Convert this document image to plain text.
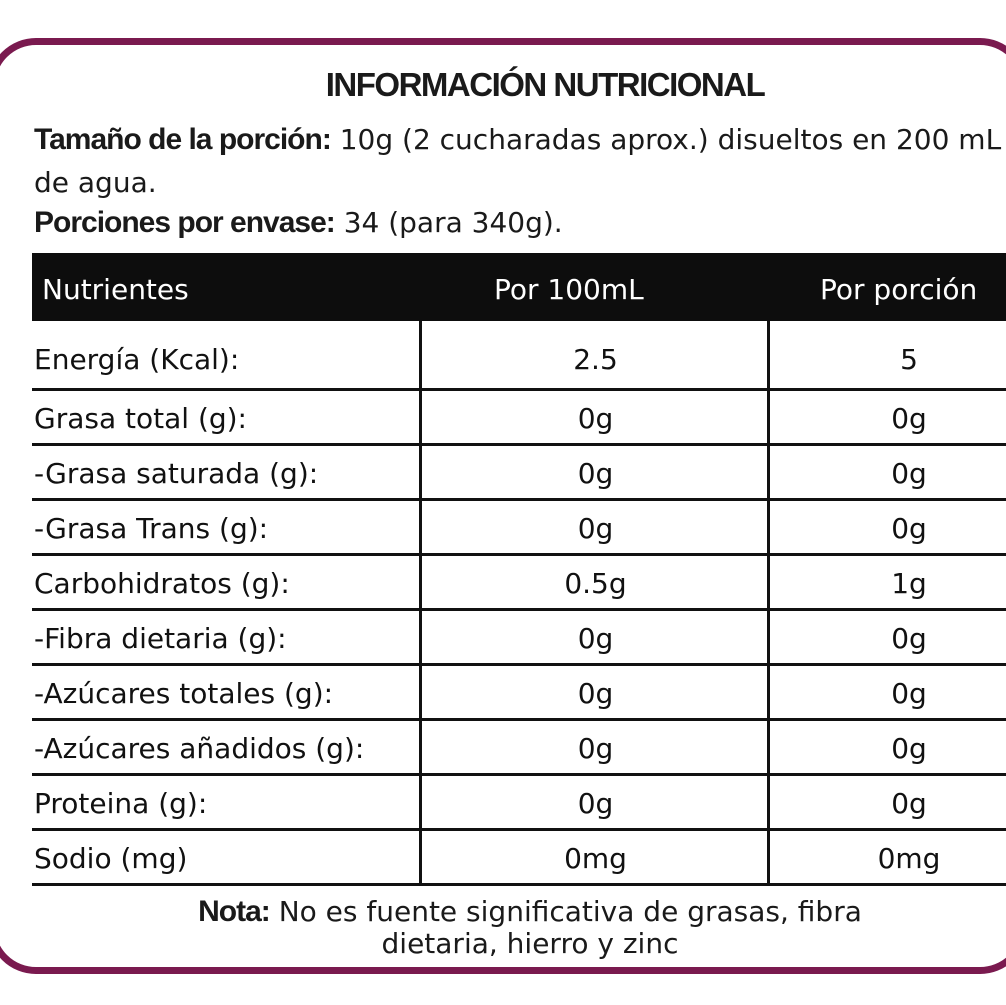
INFORMACIÓN NUTRICIONAL
Tamaño de la porción: 10g (2 cucharadas aprox.) disueltos en 200 mL de agua.
Porciones por envase: 34 (para 340g).
Nutrientes	Por 100mL	Por porción
Energía (Kcal):	2.5	5
Grasa total (g):	0g	0g
-Grasa saturada (g):	0g	0g
-Grasa Trans (g):	0g	0g
Carbohidratos (g):	0.5g	1g
-Fibra dietaria (g):	0g	0g
-Azúcares totales (g):	0g	0g
-Azúcares añadidos (g):	0g	0g
Proteina (g):	0g	0g
Sodio (mg)	0mg	0mg
Nota: No es fuente significativa de grasas, fibra
dietaria, hierro y zinc
